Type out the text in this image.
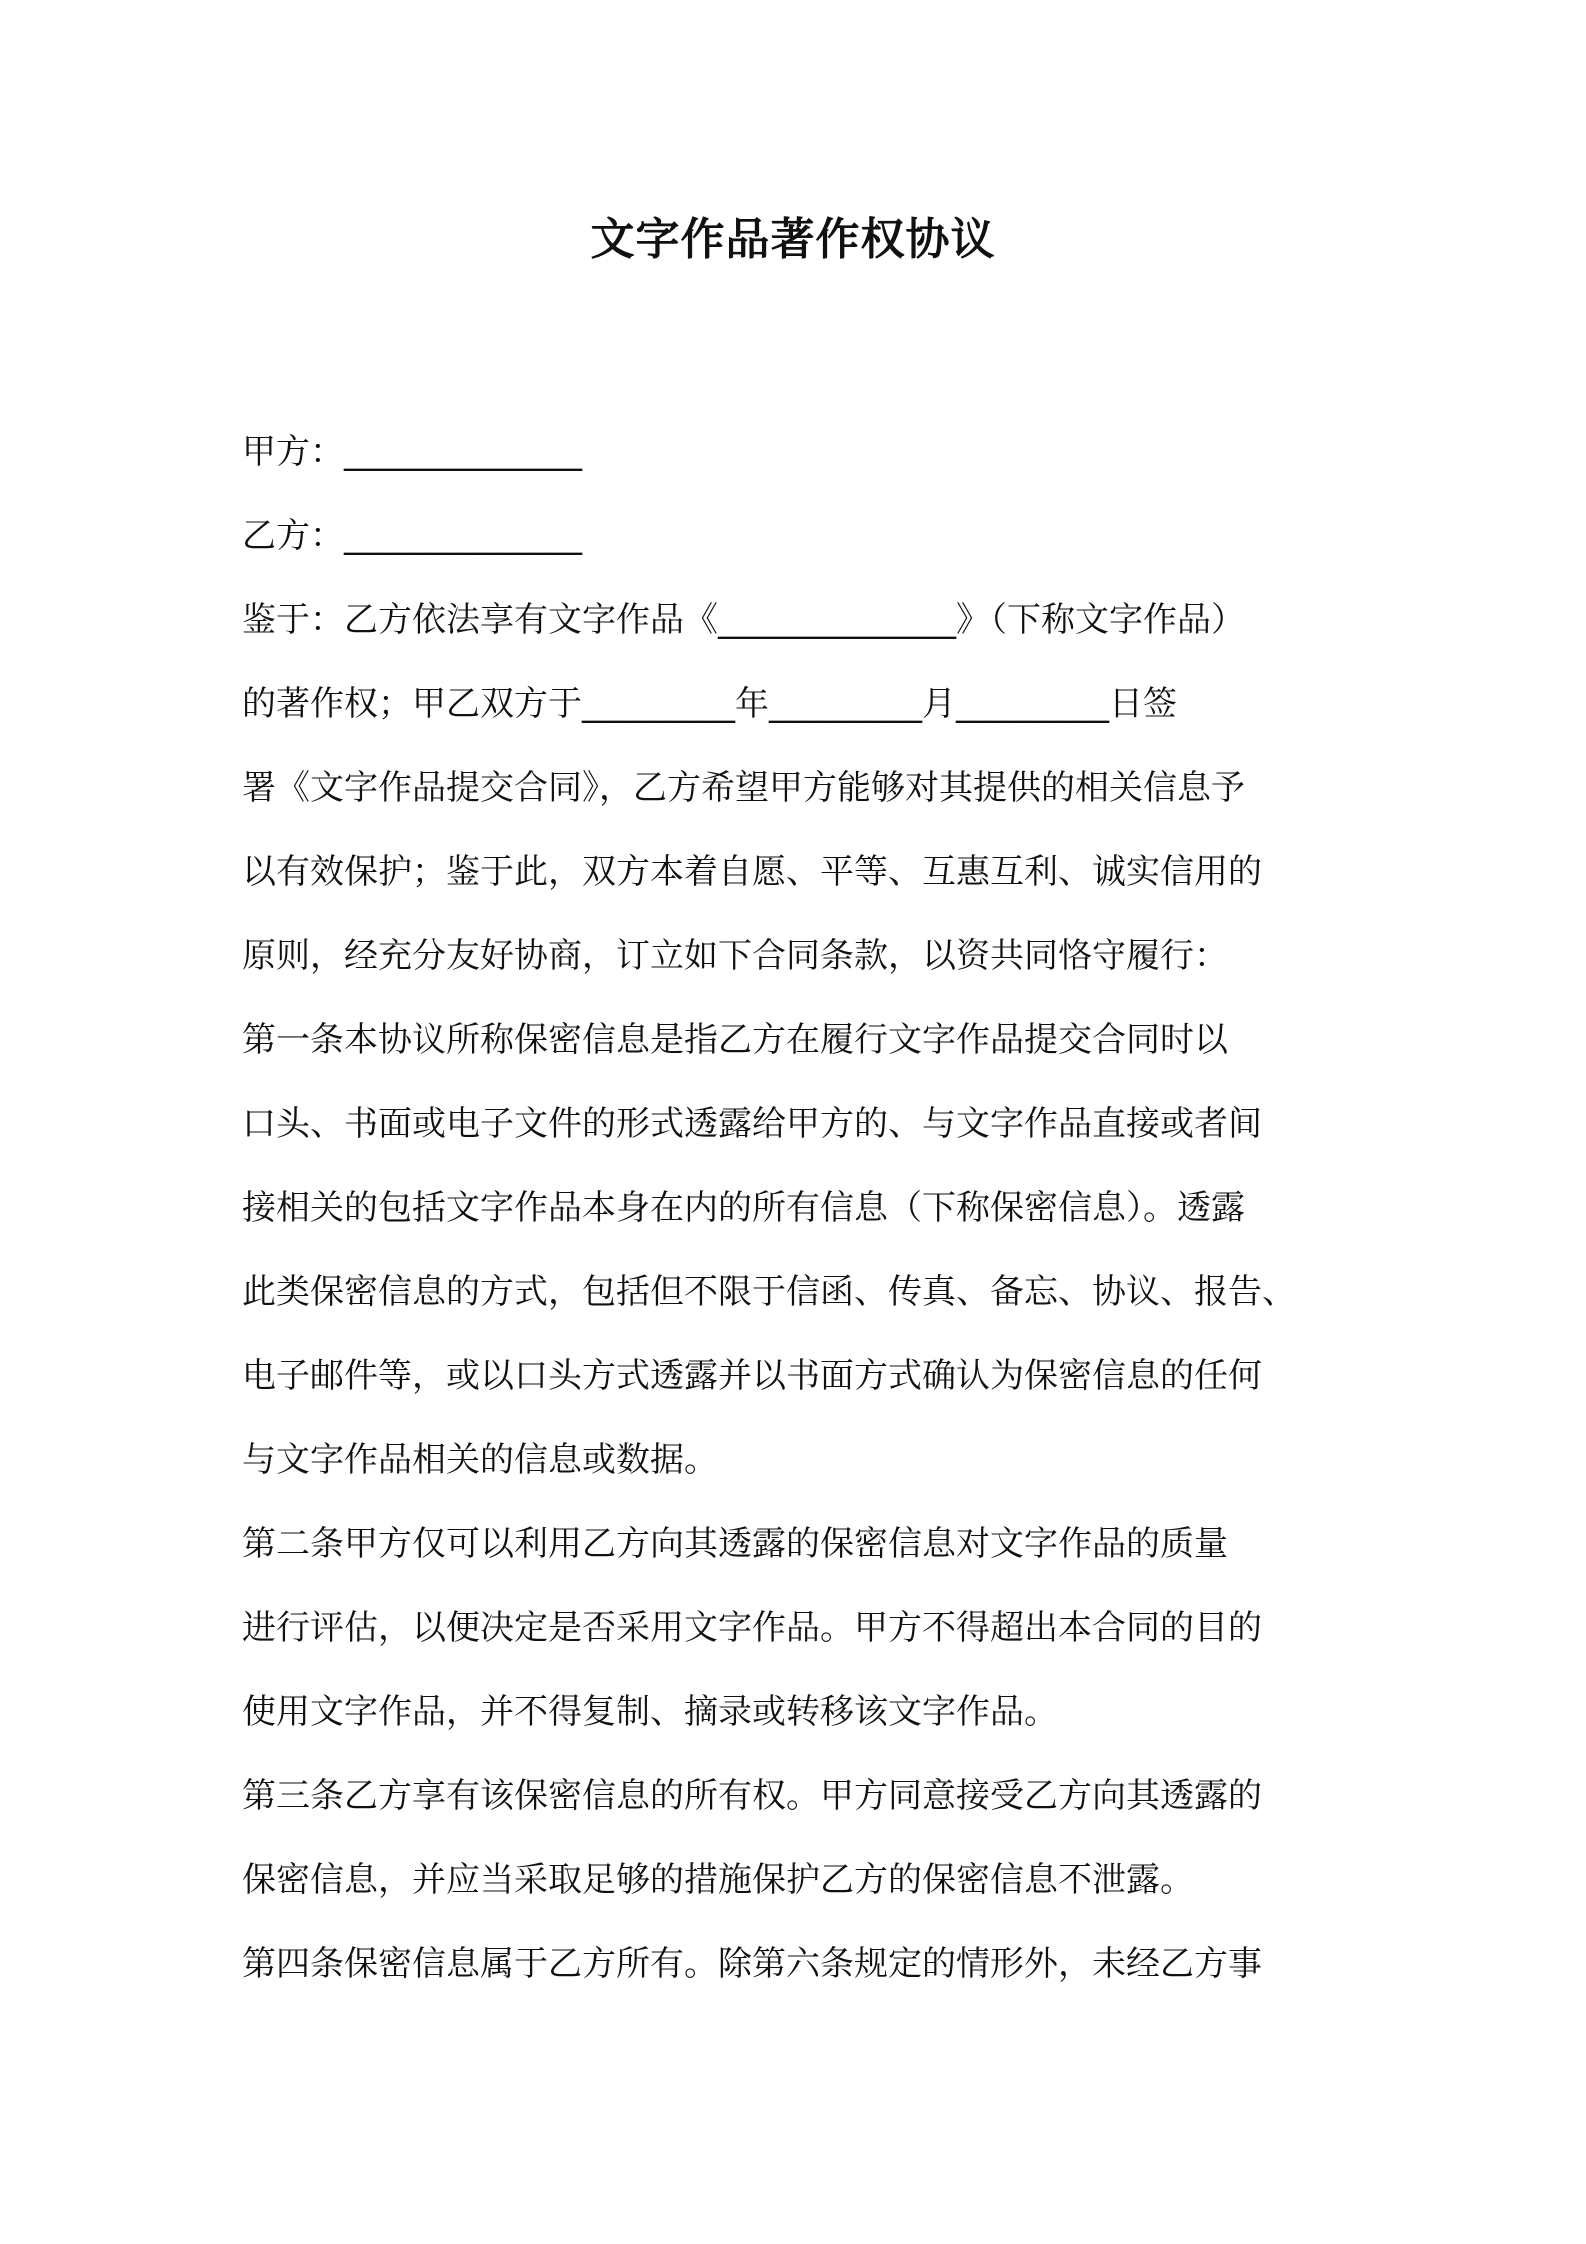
文字作品著作权协议
甲方：______________
乙方：______________
鉴于：乙方依法享有文字作品《______________》（下称文字作品）
的著作权；甲乙双方于_________年_________月_________日签
署《文字作品提交合同》，乙方希望甲方能够对其提供的相关信息予
以有效保护；鉴于此，双方本着自愿、平等、互惠互利、诚实信用的
原则，经充分友好协商，订立如下合同条款，以资共同恪守履行：
第一条本协议所称保密信息是指乙方在履行文字作品提交合同时以
口头、书面或电子文件的形式透露给甲方的、与文字作品直接或者间
接相关的包括文字作品本身在内的所有信息（下称保密信息）。透露
此类保密信息的方式，包括但不限于信函、传真、备忘、协议、报告、
电子邮件等，或以口头方式透露并以书面方式确认为保密信息的任何
与文字作品相关的信息或数据。
第二条甲方仅可以利用乙方向其透露的保密信息对文字作品的质量
进行评估，以便决定是否采用文字作品。甲方不得超出本合同的目的
使用文字作品，并不得复制、摘录或转移该文字作品。
第三条乙方享有该保密信息的所有权。甲方同意接受乙方向其透露的
保密信息，并应当采取足够的措施保护乙方的保密信息不泄露。
第四条保密信息属于乙方所有。除第六条规定的情形外，未经乙方事
